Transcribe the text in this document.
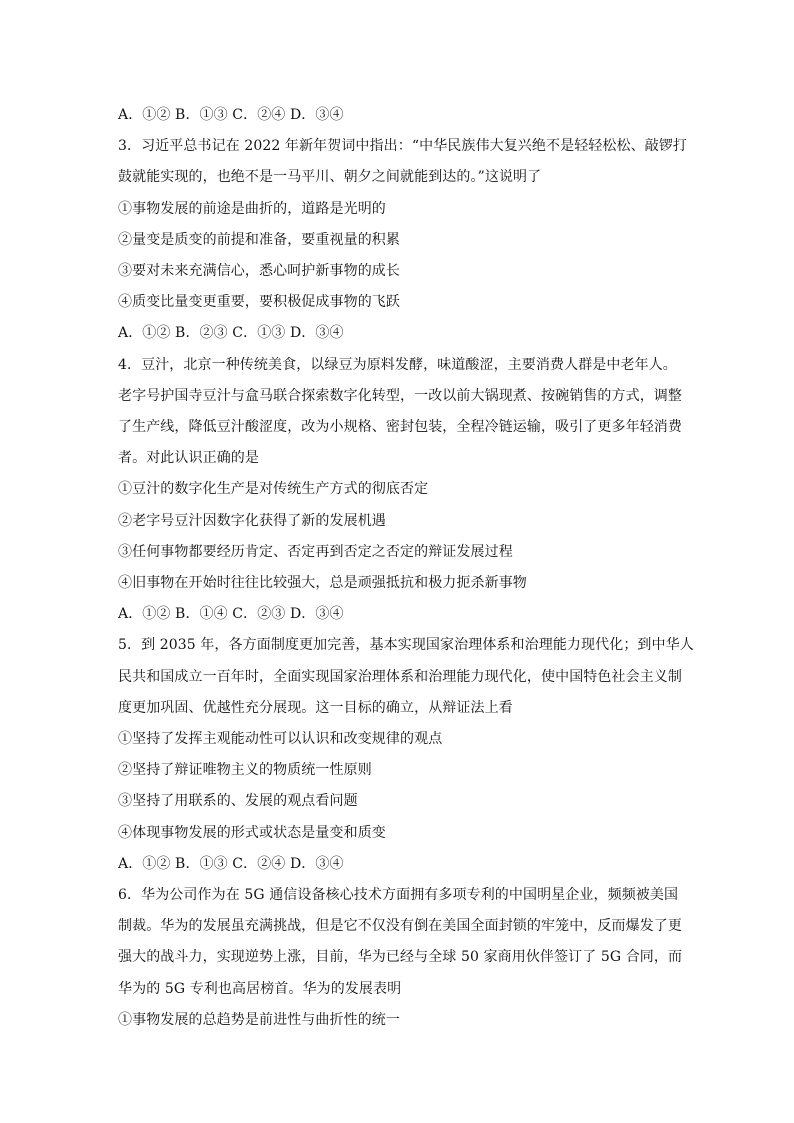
A．①② B．①③ C．②④ D．③④
3．习近平总书记在 2022 年新年贺词中指出：“中华民族伟大复兴绝不是轻轻松松、敲锣打
鼓就能实现的，也绝不是一马平川、朝夕之间就能到达的。”这说明了
①事物发展的前途是曲折的，道路是光明的
②量变是质变的前提和准备，要重视量的积累
③要对未来充满信心，悉心呵护新事物的成长
④质变比量变更重要，要积极促成事物的飞跃
A．①② B．②③ C．①③ D．③④
4．豆汁，北京一种传统美食，以绿豆为原料发酵，味道酸涩，主要消费人群是中老年人。
老字号护国寺豆汁与盒马联合探索数字化转型，一改以前大锅现煮、按碗销售的方式，调整
了生产线，降低豆汁酸涩度，改为小规格、密封包装，全程冷链运输，吸引了更多年轻消费
者。对此认识正确的是
①豆汁的数字化生产是对传统生产方式的彻底否定
②老字号豆汁因数字化获得了新的发展机遇
③任何事物都要经历肯定、否定再到否定之否定的辩证发展过程
④旧事物在开始时往往比较强大，总是顽强抵抗和极力扼杀新事物
A．①② B．①④ C．②③ D．③④
5．到 2035 年，各方面制度更加完善，基本实现国家治理体系和治理能力现代化；到中华人
民共和国成立一百年时，全面实现国家治理体系和治理能力现代化，使中国特色社会主义制
度更加巩固、优越性充分展现。这一目标的确立，从辩证法上看
①坚持了发挥主观能动性可以认识和改变规律的观点
②坚持了辩证唯物主义的物质统一性原则
③坚持了用联系的、发展的观点看问题
④体现事物发展的形式或状态是量变和质变
A．①② B．①③ C．②④ D．③④
6．华为公司作为在 5G 通信设备核心技术方面拥有多项专利的中国明星企业，频频被美国
制裁。华为的发展虽充满挑战，但是它不仅没有倒在美国全面封锁的牢笼中，反而爆发了更
强大的战斗力，实现逆势上涨，目前，华为已经与全球 50 家商用伙伴签订了 5G 合同，而
华为的 5G 专利也高居榜首。华为的发展表明
①事物发展的总趋势是前进性与曲折性的统一
